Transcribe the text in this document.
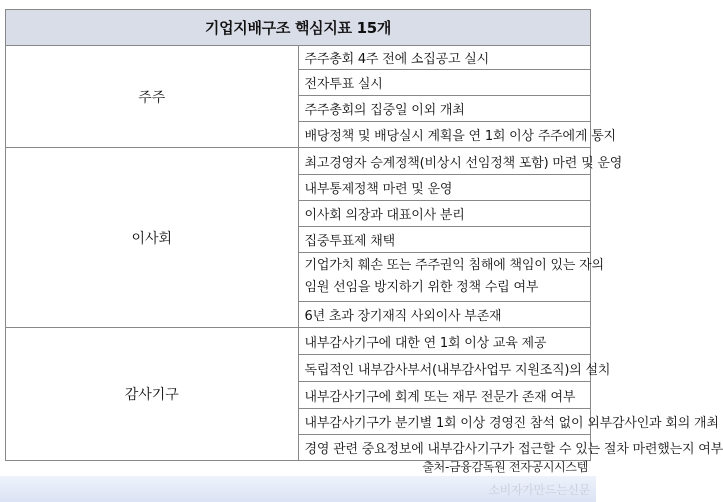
기업지배구조 핵심지표 15개	
주주	주주총회 4주 전에 소집공고 실시
	전자투표 실시
	주주총회의 집중일 이외 개최
	배당정책 및 배당실시 계획을 연 1회 이상 주주에게 통지
이사회	최고경영자 승계정책(비상시 선임정책 포함) 마련 및 운영
	내부통제정책 마련 및 운영
	이사회 의장과 대표이사 분리
	집중투표제 채택

	기업가치 훼손 또는 주주권익 침해에 책임이 있는 자의
임원 선임을 방지하기 위한 정책 수립 여부

	6년 초과 장기재직 사외이사 부존재
감사기구	내부감사기구에 대한 연 1회 이상 교육 제공
	독립적인 내부감사부서(내부감사업무 지원조직)의 설치
	내부감사기구에 회계 또는 재무 전문가 존재 여부
	내부감사기구가 분기별 1회 이상 경영진 참석 없이 외부감사인과 회의 개최
	경영 관련 중요정보에 내부감사기구가 접근할 수 있는 절차 마련했는지 여부
출처-금융감독원 전자공시시스템
소비자가만드는신문
